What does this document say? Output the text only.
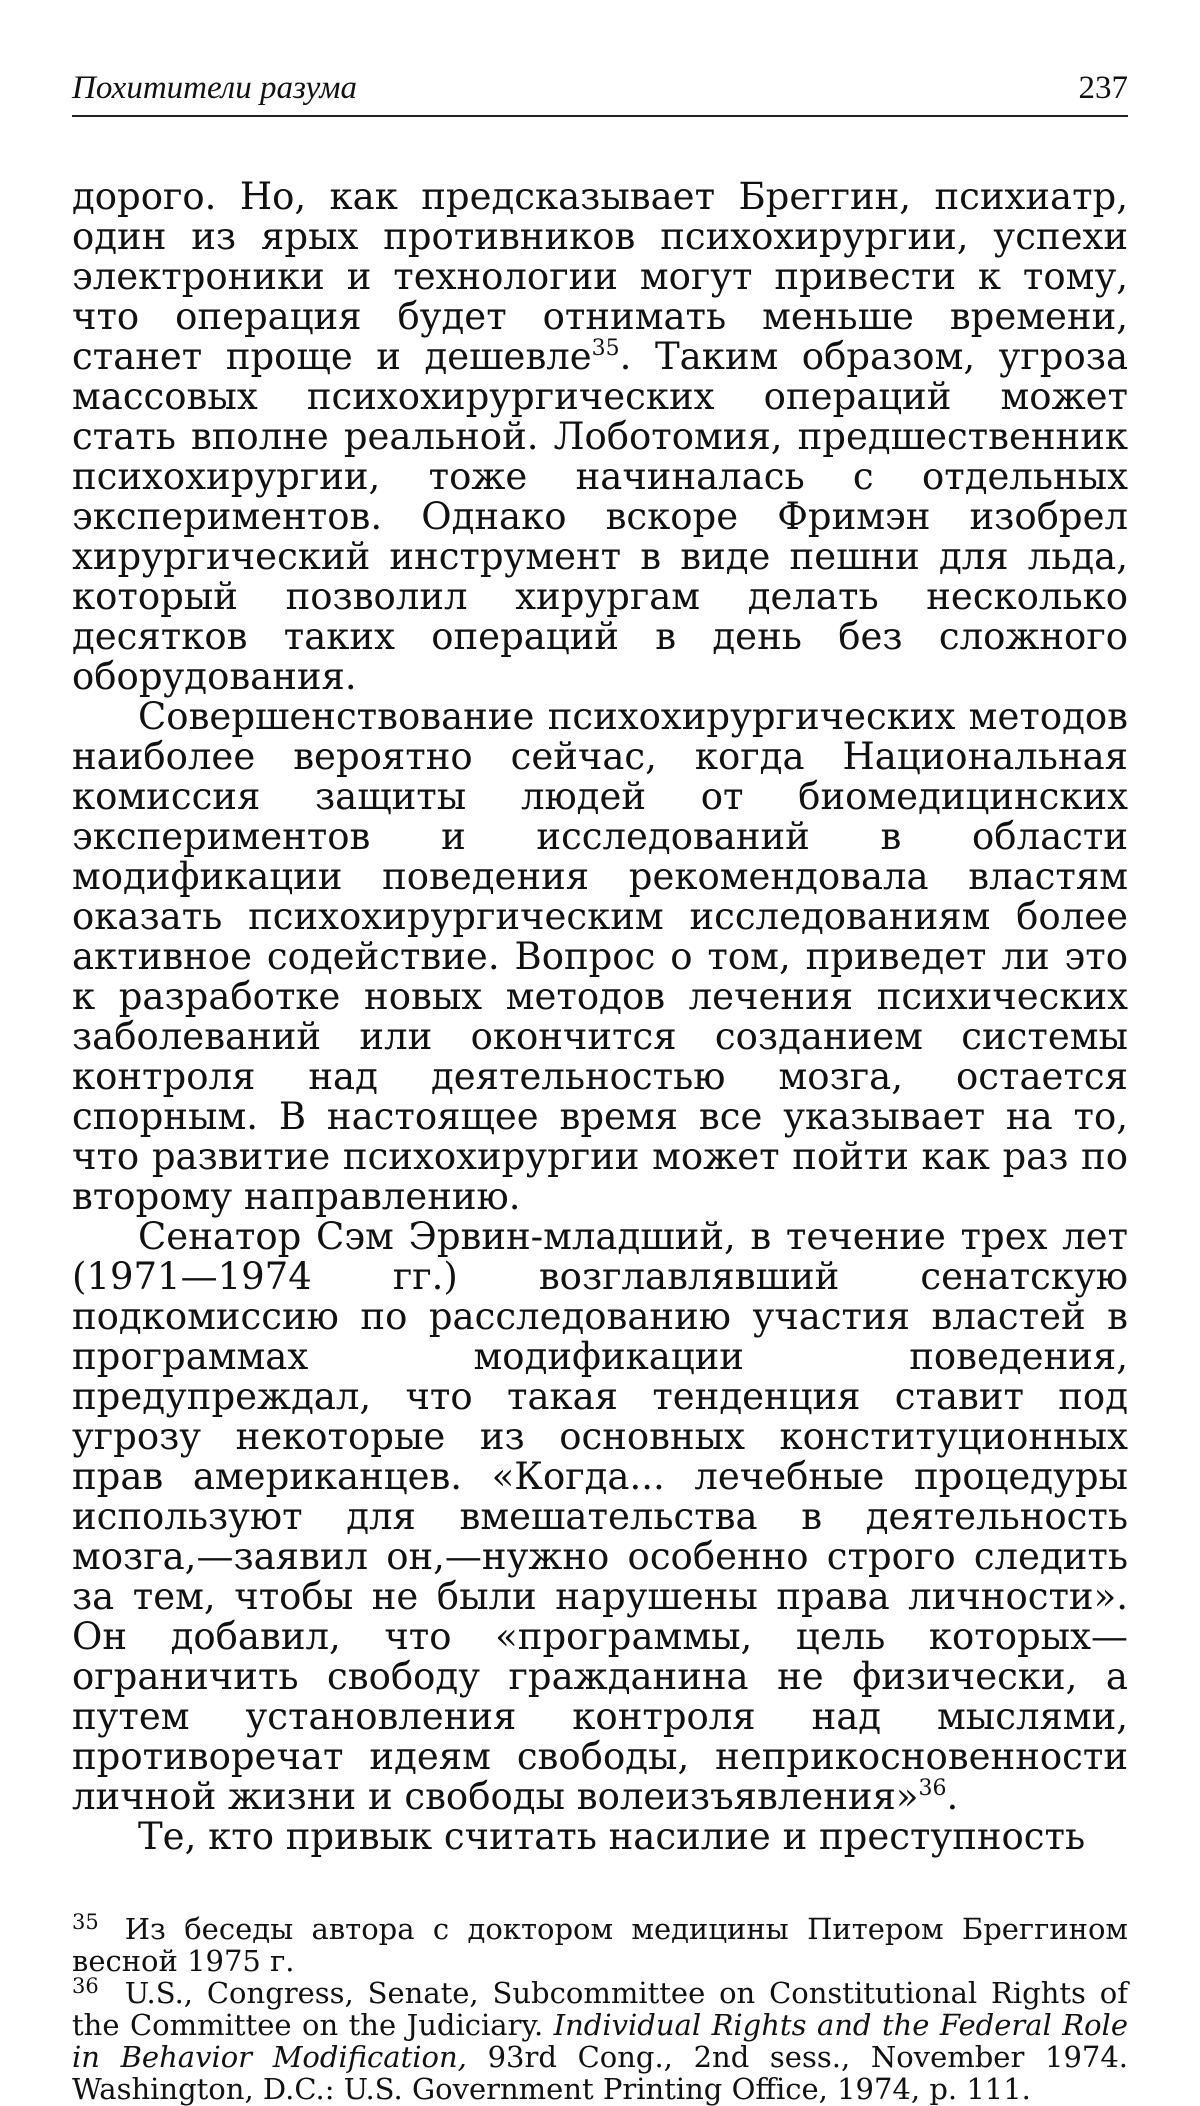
Похитители разума	237

дорого. Но, как предсказывает Бреггин, психиатр, один из ярых противников психохирургии, успехи электроники и технологии могут привести к тому, что операция будет отнимать меньше времени, станет проще и дешевле$^{35}$. Таким образом, угроза массовых психохирургических операций может стать вполне реальной. Лоботомия, предшественник психохирургии, тоже начиналась с отдельных экспериментов. Однако вскоре Фримэн изобрел хирургический инструмент в виде пешни для льда, который позволил хирургам делать несколько десятков таких операций в день без сложного оборудования.

Совершенствование психохирургических методов наиболее вероятно сейчас, когда Национальная комиссия защиты людей от биомедицинских экспериментов и исследований в области модификации поведения рекомендовала властям оказать психохирургическим исследованиям более активное содействие. Вопрос о том, приведет ли это к разработке новых методов лечения психических заболеваний или окончится созданием системы контроля над деятельностью мозга, остается спорным. В настоящее время все указывает на то, что развитие психохирургии может пойти как раз по второму направлению.

Сенатор Сэм Эрвин-младший, в течение трех лет (1971—1974 гг.) возглавлявший сенатскую подкомиссию по расследованию участия властей в программах модификации поведения, предупреждал, что такая тенденция ставит под угрозу некоторые из основных конституционных прав американцев. «Когда... лечебные процедуры используют для вмешательства в деятельность мозга,—заявил он,—нужно особенно строго следить за тем, чтобы не были нарушены права личности». Он добавил, что «программы, цель которых—ограничить свободу гражданина не физически, а путем установления контроля над мыслями, противоречат идеям свободы, неприкосновенности личной жизни и свободы волеизъявления»$^{36}$.

Те, кто привык считать насилие и преступность

$^{35}$ Из беседы автора с доктором медицины Питером Бреггином весной 1975 г.

$^{36}$ U.S., Congress, Senate, Subcommittee on Constitutional Rights of the Committee on the Judiciary. Individual Rights and the Federal Role in Behavior Modification, 93rd Cong., 2nd sess., November 1974. Washington, D.C.: U.S. Government Printing Office, 1974, p. 111.
